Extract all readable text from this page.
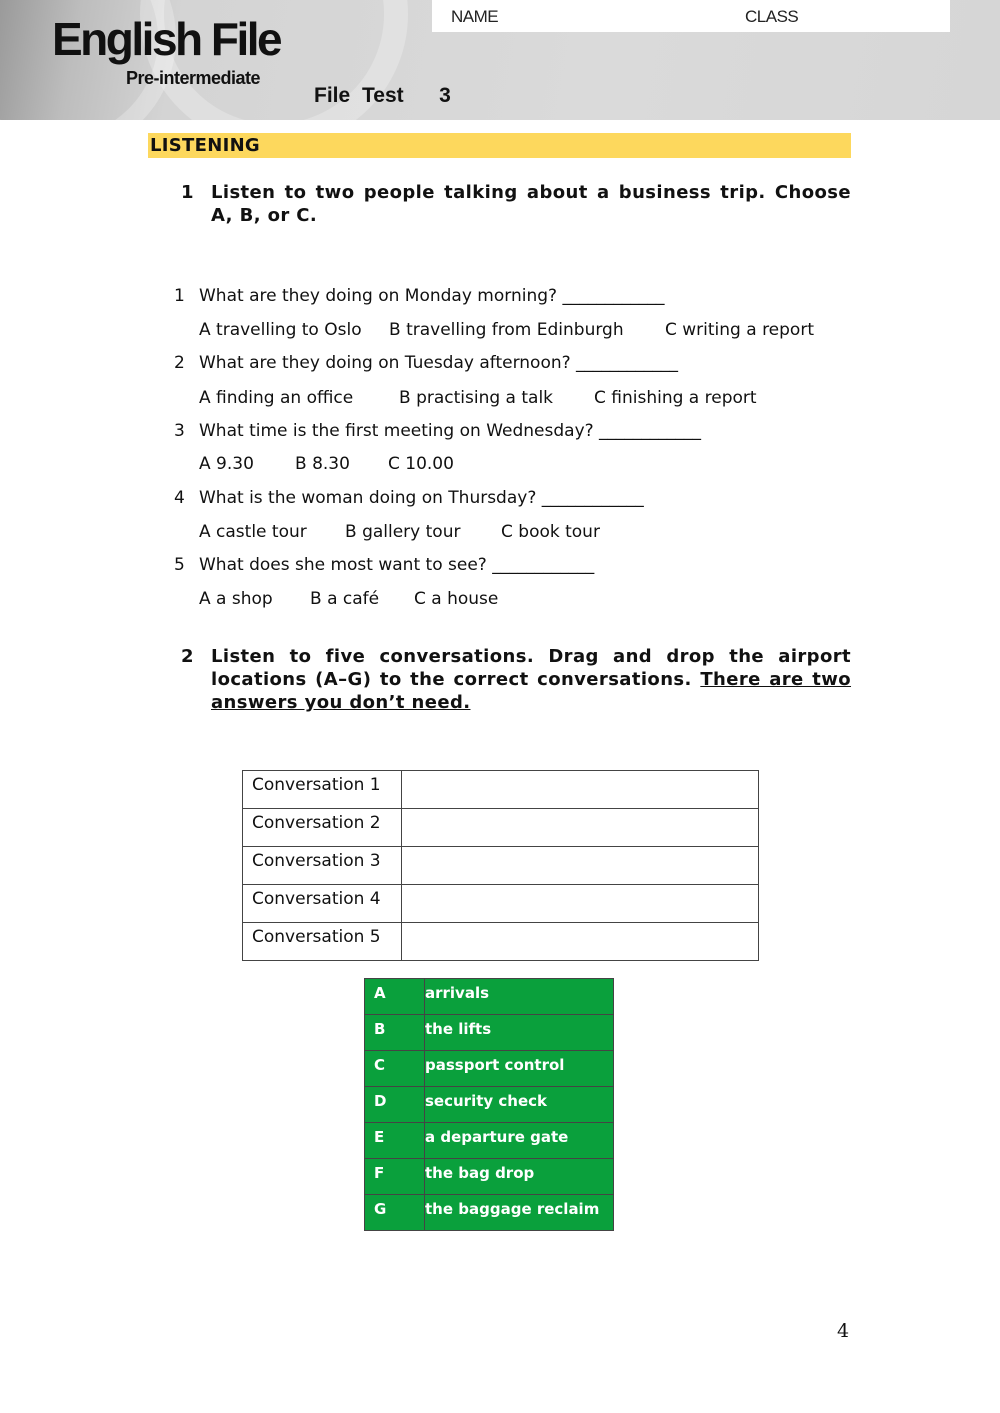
English File
Pre-intermediate
NAME	CLASS
File Test   3
LISTENING
1 Listen to two people talking about a business trip. Choose A, B, or C.
1 What are they doing on Monday morning? ____________
A travelling to Oslo B travelling from Edinburgh C writing a report
2 What are they doing on Tuesday afternoon? ____________
A finding an office	B practising a talk C finishing a report
3 What time is the first meeting on Wednesday? ____________
A 9.30 B 8.30 C 10.00
4 What is the woman doing on Thursday? ____________
A castle tour B gallery tour C book tour
5 What does she most want to see? ____________
A a shop B a café C a house
2 Listen to five conversations. Drag and drop the airport locations (A–G) to the correct conversations. There are two answers you don’t need.
Conversation 1	
Conversation 2	
Conversation 3	
Conversation 4	
Conversation 5	
A	arrivals
B	the lifts
C	passport control
D	security check
E	a departure gate
F	the bag drop
G	the baggage reclaim
4
